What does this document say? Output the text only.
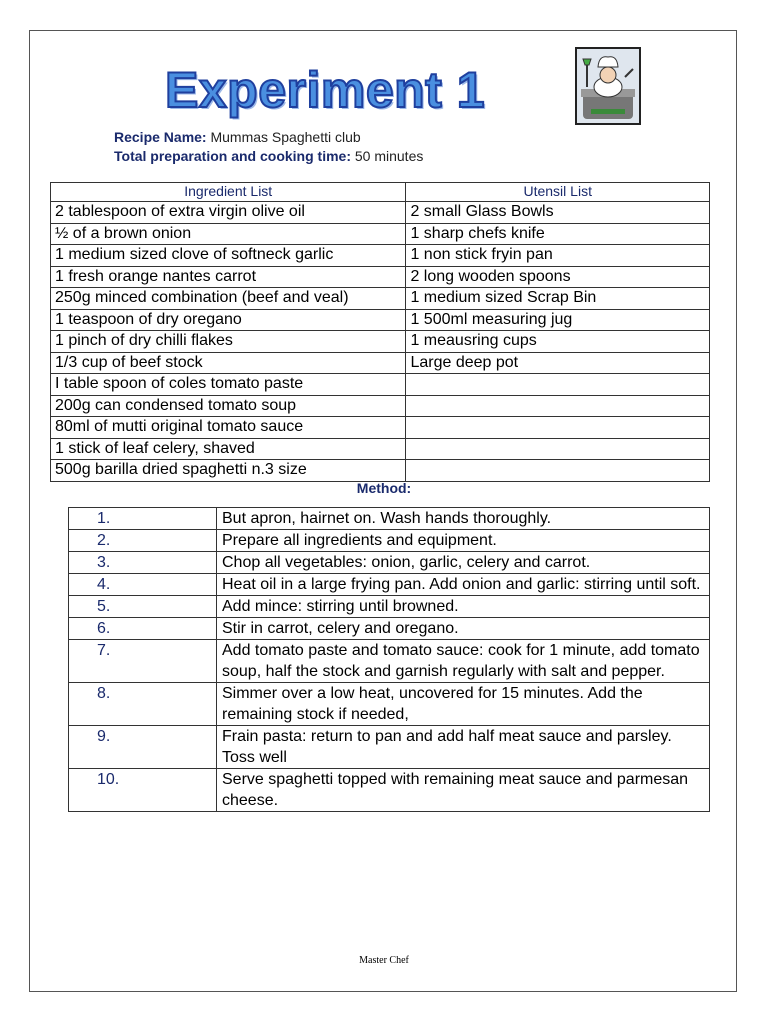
Experiment 1
Recipe Name: Mummas Spaghetti club
Total preparation and cooking time: 50 minutes
Ingredient List	Utensil List
2 tablespoon of extra virgin olive oil	2 small Glass Bowls
½ of a brown onion	1 sharp chefs knife
1 medium sized clove of softneck garlic	1 non stick fryin pan
1 fresh orange nantes carrot	2 long wooden spoons
250g minced combination (beef and veal)	1 medium sized Scrap Bin
1 teaspoon of dry oregano	1 500ml measuring jug
1 pinch of dry chilli flakes	1 meausring cups
1/3 cup of beef stock	Large deep pot
I table spoon of coles tomato paste	
200g can condensed tomato soup	
80ml of mutti original tomato sauce	
1 stick of leaf celery, shaved	
500g barilla dried spaghetti n.3 size	
Method:
1.	But apron, hairnet on. Wash hands thoroughly.
2.	Prepare all ingredients and equipment.
3.	Chop all vegetables: onion, garlic, celery and carrot.
4.	Heat oil in a large frying pan. Add onion and garlic: stirring until soft.
5.	Add mince: stirring until browned.
6.	Stir in carrot, celery and oregano.
7.	Add tomato paste and tomato sauce: cook for 1 minute, add tomato soup, half the stock and garnish regularly with salt and pepper.
8.	Simmer over a low heat, uncovered for 15 minutes. Add the remaining stock if needed,
9.	Frain pasta: return to pan and add half meat sauce and parsley. Toss well
10.	Serve spaghetti topped with remaining meat sauce and parmesan cheese.
Master Chef
